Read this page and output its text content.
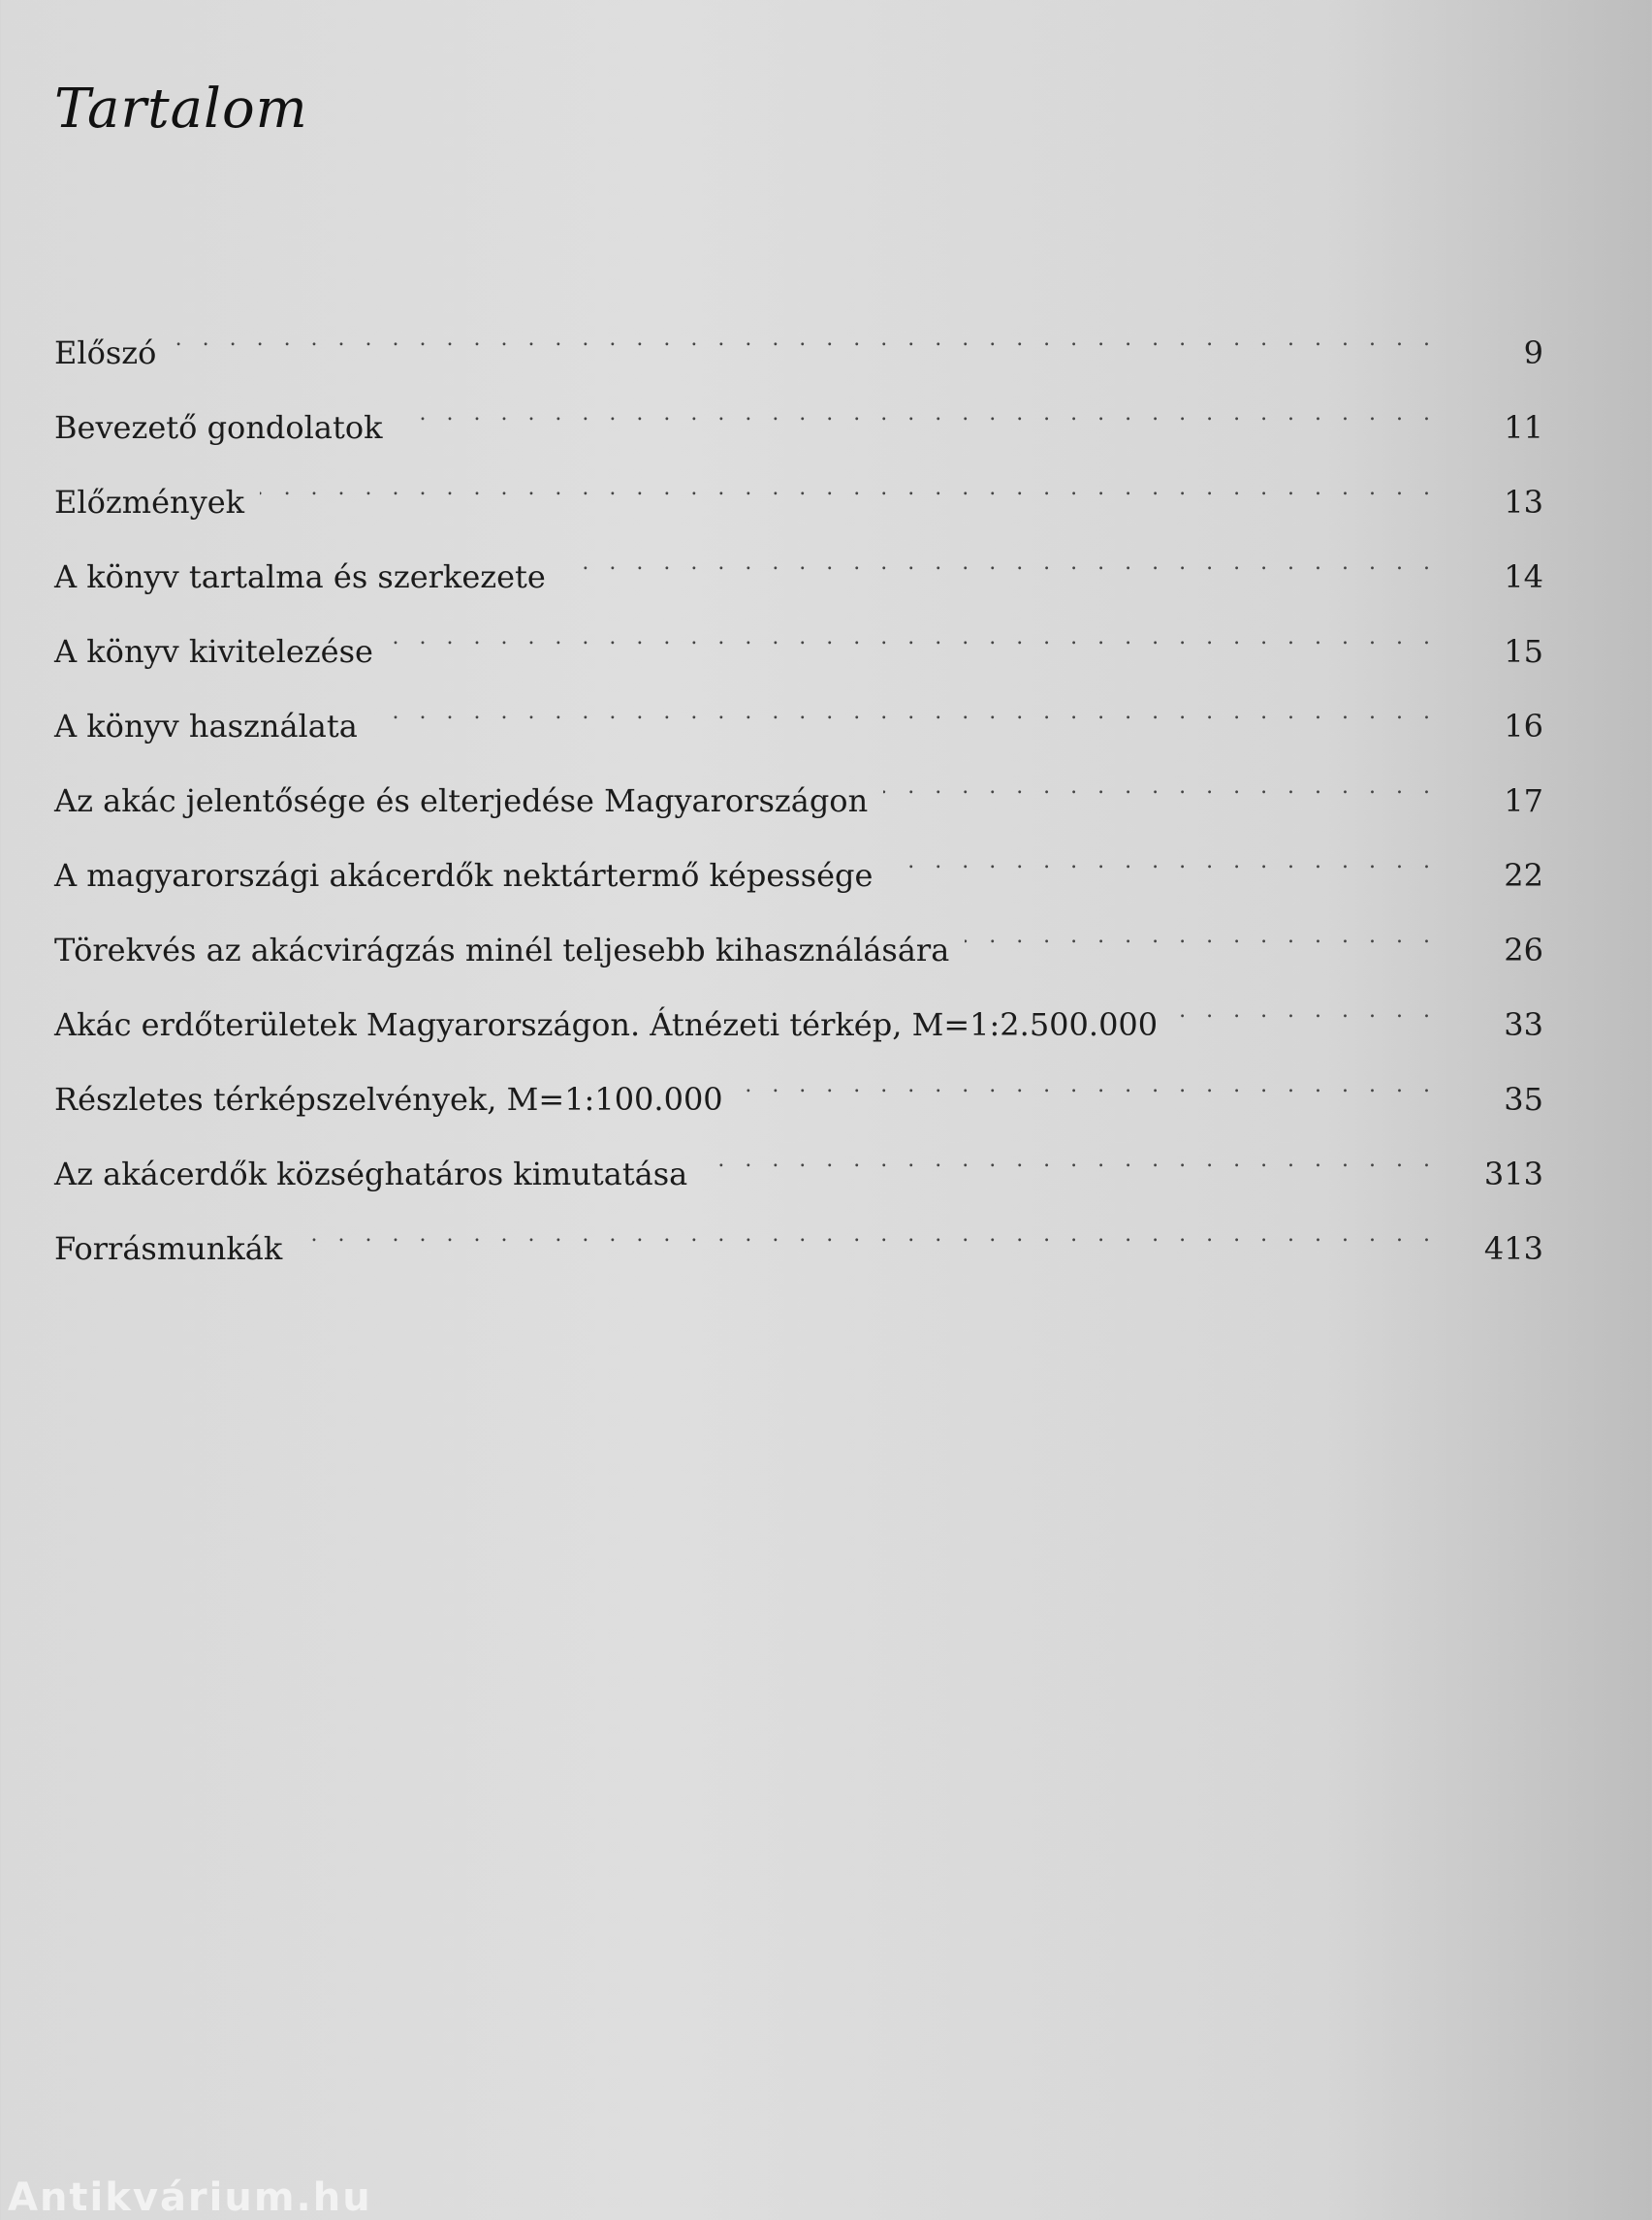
Tartalom
Előszó . . .	9
Bevezető gondolatok . . .	11
Előzmények . . .	13
A könyv tartalma és szerkezete . . .	14
A könyv kivitelezése . . .	15
A könyv használata . . .	16
Az akác jelentősége és elterjedése Magyarországon . . .	17
A magyarországi akácerdők nektártermő képessége . . .	22
Törekvés az akácvirágzás minél teljesebb kihasználására . . .	26
Akác erdőterületek Magyarországon. Átnézeti térkép, M=1:2.500.000 . . .	33
Részletes térképszelvények, M=1:100.000 . . .	35
Az akácerdők községhatáros kimutatása . . .	313
Forrásmunkák . . .	413
Antikvárium.hu
